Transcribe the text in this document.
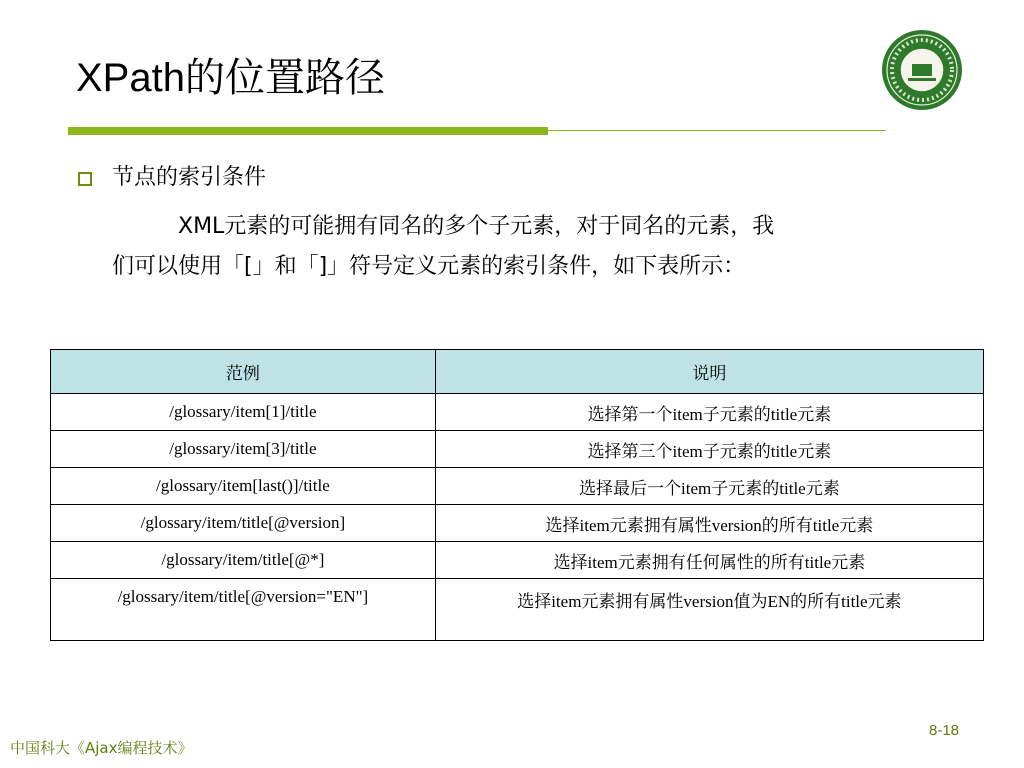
XPath的位置路径
节点的索引条件
XML元素的可能拥有同名的多个子元素，对于同名的元素，我
们可以使用「[」和「]」符号定义元素的索引条件，如下表所示：
范例	说明
/glossary/item[1]/title	选择第一个item子元素的title元素
/glossary/item[3]/title	选择第三个item子元素的title元素
/glossary/item[last()]/title	选择最后一个item子元素的title元素
/glossary/item/title[@version]	选择item元素拥有属性version的所有title元素
/glossary/item/title[@*]	选择item元素拥有任何属性的所有title元素
/glossary/item/title[@version="EN"]	选择item元素拥有属性version值为EN的所有title元素
中国科大《Ajax编程技术》
8-18
